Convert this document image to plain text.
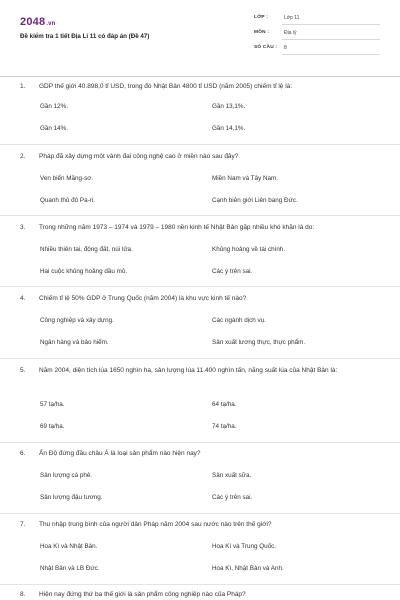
2048.vn
Đề kiểm tra 1 tiết Địa Lí 11 có đáp án (Đề 47)
LỚP :	Lớp 11
MÔN :	Địa lý
SỐ CÂU : 8
1. GDP thế giới 40.898,0 tỉ USD, trong đó Nhật Bản 4800 tỉ USD (năm 2005) chiếm tỉ lệ là:
Gần 12%.	Gần 13,1%.
Gần 14%.	Gần 14,1%.
2. Pháp đã xây dựng một vành đai công nghệ cao ở miền nào sau đây?
Ven biển Măng-sơ.	Miền Nam và Tây Nam.
Quanh thủ đô Pa-ri.	Cạnh biên giới Liên bang Đức.
3. Trong những năm 1973 – 1974 và 1979 – 1980 nền kinh tế Nhật Bản gặp nhiều khó khăn là do:
Nhiều thiên tai, động đất, núi lửa.	Khủng hoảng về tài chính.
Hai cuộc khủng hoảng dầu mỏ.	Các ý trên sai.
4. Chiếm tỉ lệ 50% GDP ở Trung Quốc (năm 2004) là khu vực kinh tế nào?
Công nghiệp và xây dựng.	Các ngành dịch vụ.
Ngân hàng và bảo hiểm.	Sản xuất lương thực, thực phẩm.
5. Năm 2004, diện tích lúa 1650 nghìn ha, sản lượng lúa 11.400 nghìn tấn, năng suất lúa của Nhật Bản là:
57 tạ/ha.	64 tạ/ha.
69 tạ/ha.	74 tạ/ha.
6. Ấn Độ đứng đầu châu Á là loại sản phẩm nào hiện nay?
Sản lượng cà phê.	Sản xuất sữa.
Sản lượng đậu tương.	Các ý trên sai.
7. Thu nhập trung bình của người dân Pháp năm 2004 sau nước nào trên thế giới?
Hoa Kì và Nhật Bản.	Hoa Kì và Trung Quốc.
Nhật Bản và LB Đức.	Hoa Kì, Nhật Bản và Anh.
8. Hiện nay đứng thứ ba thế giới là sản phẩm công nghiệp nào của Pháp?
